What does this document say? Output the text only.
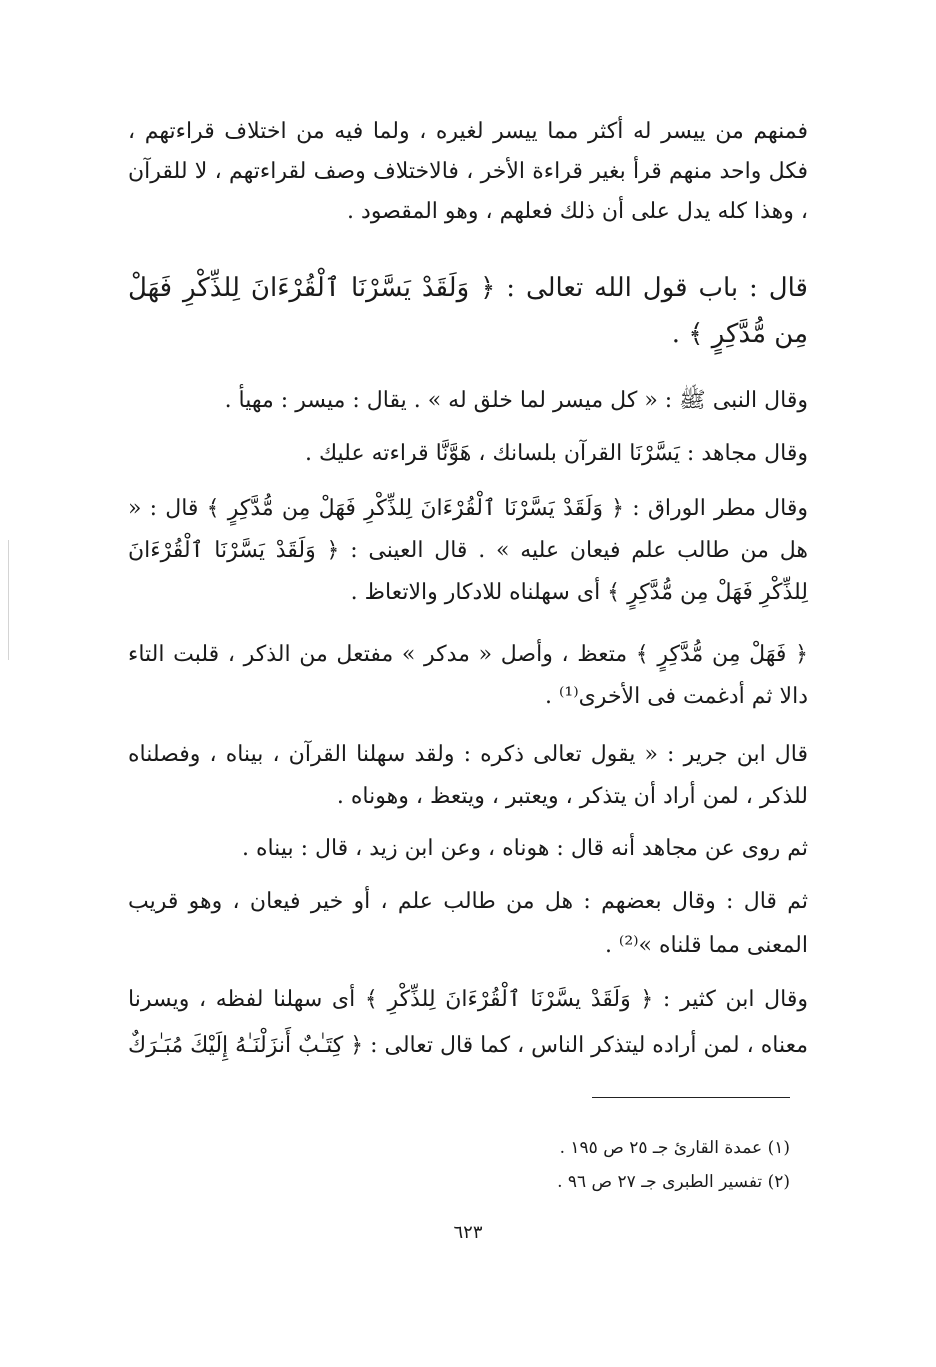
فمنهم من ييسر له أكثر مما ييسر لغيره ، ولما فيه من اختلاف قراءتهم ، فكل واحد منهم قرأ بغير قراءة الأخر ، فالاختلاف وصف لقراءتهم ، لا للقرآن ، وهذا كله يدل على أن ذلك فعلهم ، وهو المقصود .

قال : باب قول الله تعالى : ﴿ وَلَقَدْ يَسَّرْنَا ٱلْقُرْءَانَ لِلذِّكْرِ فَهَلْ مِن مُّدَّكِرٍ ﴾ .

وقال النبى ﷺ : « كل ميسر لما خلق له » . يقال : ميسر : مهيأ .

وقال مجاهد : يَسَّرْنَا القرآن بلسانك ، هَوَّنَّا قراءته عليك .

وقال مطر الوراق : ﴿ وَلَقَدْ يَسَّرْنَا ٱلْقُرْءَانَ لِلذِّكْرِ فَهَلْ مِن مُّدَّكِرٍ ﴾ قال : « هل من طالب علم فيعان عليه » . قال العينى : ﴿ وَلَقَدْ يَسَّرْنَا ٱلْقُرْءَانَ لِلذِّكْرِ فَهَلْ مِن مُّدَّكِرٍ ﴾ أى سهلناه للادكار والاتعاظ .

﴿ فَهَلْ مِن مُّدَّكِرٍ ﴾ متعظ ، وأصل « مدكر » مفتعل من الذكر ، قلبت التاء دالا ثم أدغمت فى الأخرى⁽¹⁾ .

قال ابن جرير : « يقول تعالى ذكره : ولقد سهلنا القرآن ، بيناه ، وفصلناه للذكر ، لمن أراد أن يتذكر ، ويعتبر ، ويتعظ ، وهوناه .

ثم روى عن مجاهد أنه قال : هوناه ، وعن ابن زيد ، قال : بيناه .

ثم قال : وقال بعضهم : هل من طالب علم ، أو خير فيعان ، وهو قريب المعنى مما قلناه »⁽²⁾ .

وقال ابن كثير : ﴿ وَلَقَدْ يسَّرْنَا ٱلْقُرْءَانَ لِلذِّكْرِ ﴾ أى سهلنا لفظه ، ويسرنا معناه ، لمن أراده ليتذكر الناس ، كما قال تعالى : ﴿ كِتَـٰبٌ أَنزَلْنَـٰهُ إِلَيْكَ مُبَـٰرَكٌ

(١) عمدة القارئ جـ ٢٥ ص ١٩٥ .

(٢) تفسير الطبرى جـ ٢٧ ص ٩٦ .

٦٢٣
